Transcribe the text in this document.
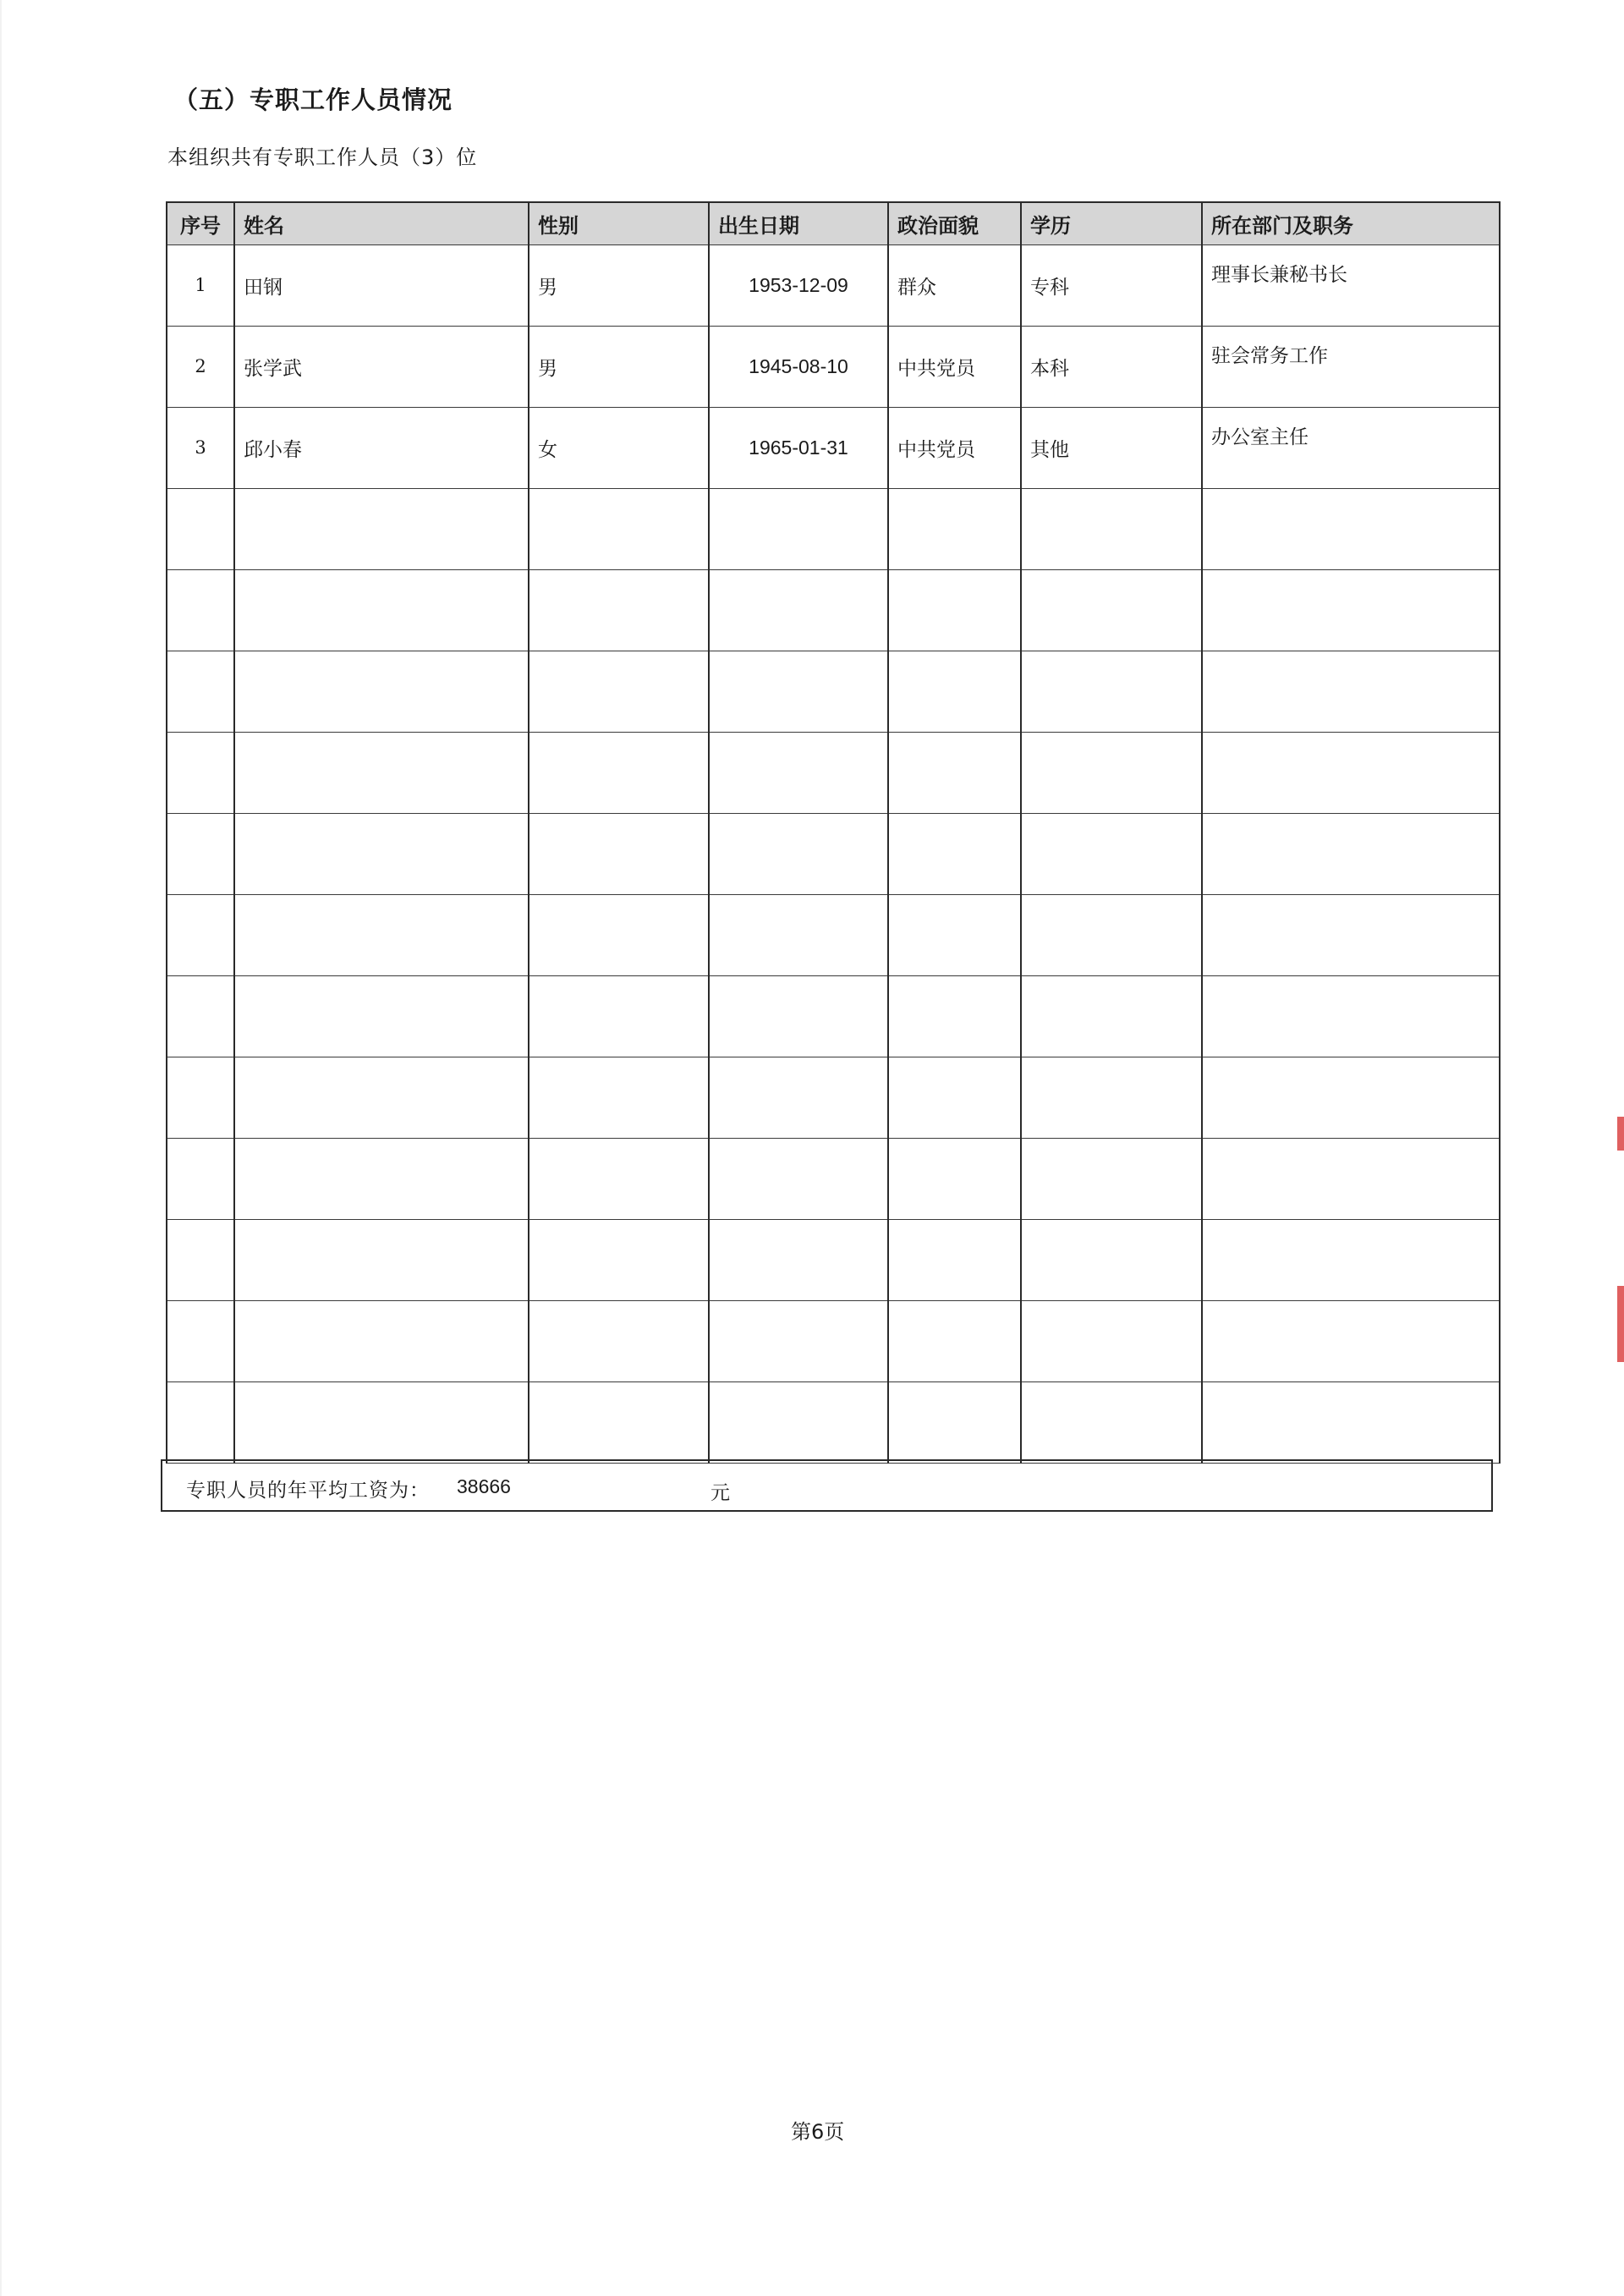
（五）专职工作人员情况
本组织共有专职工作人员（3）位
序号	姓名	性别	出生日期	政治面貌	学历	所在部门及职务
1	田钢	男	1953-12-09	群众	专科	理事长兼秘书长
2	张学武	男	1945-08-10	中共党员	本科	驻会常务工作
3	邱小春	女	1965-01-31	中共党员	其他	办公室主任

专职人员的年平均工资为： 38666	元
第6页
